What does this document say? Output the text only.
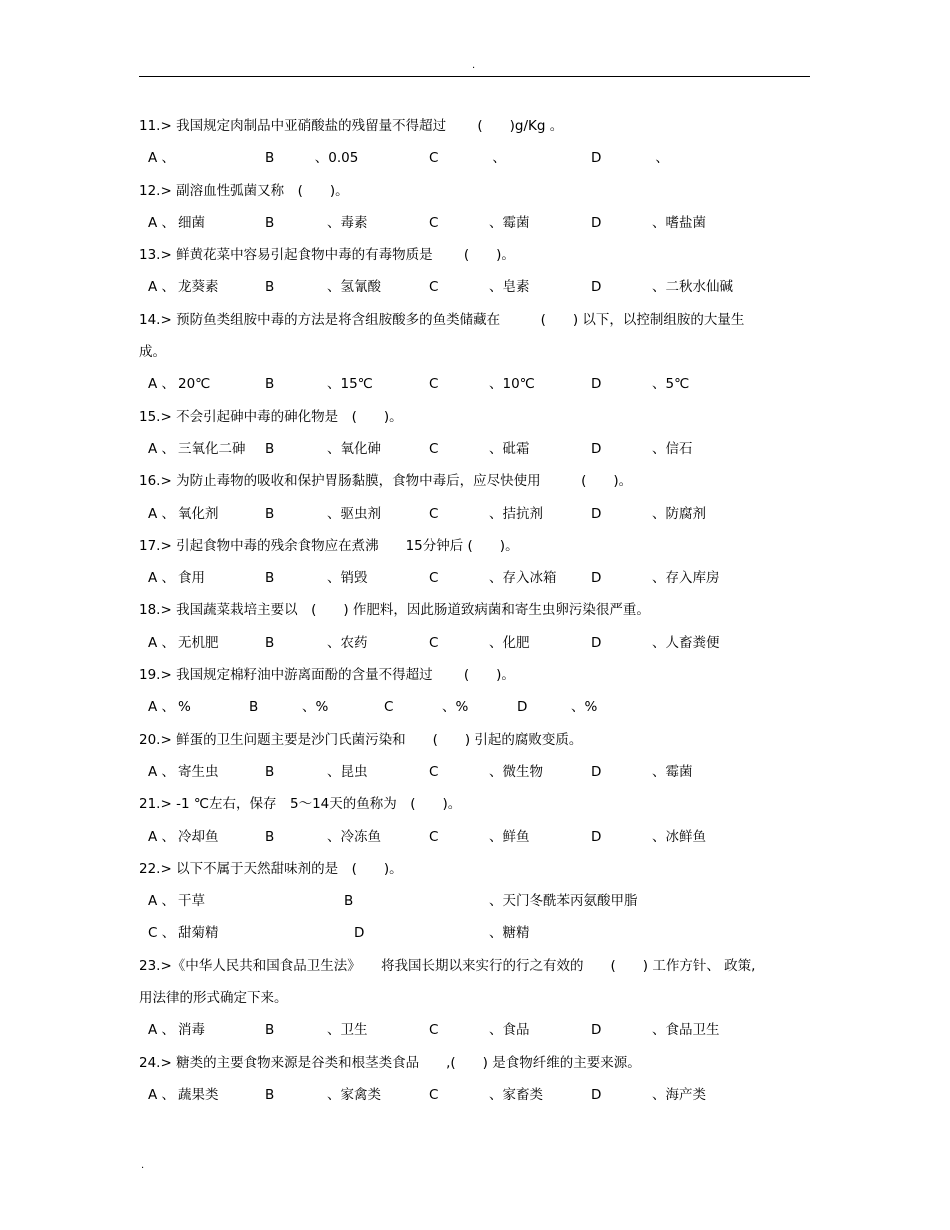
.
11.> 我国规定肉制品中亚硝酸盐的残留量不得超过　　 (　　)g/Kg 。
A 、	B　　　、0.05	C　　　　、	D　　　　、
12.> 副溶血性弧菌又称　(　　)。
A 、 细菌	B	、毒素	C	、霉菌	D	、嗜盐菌
13.> 鲜黄花菜中容易引起食物中毒的有毒物质是　　 (　　)。
A 、 龙葵素	B	、氢氰酸	C	、皂素	D	、二秋水仙碱
14.> 预防鱼类组胺中毒的方法是将含组胺酸多的鱼类储藏在　　　(　　) 以下，以控制组胺的大量生
成。
A 、 20℃	B	、15℃	C	、10℃	D	、5℃
15.> 不会引起砷中毒的砷化物是　(　　)。
A 、 三氧化二砷 B	、氧化砷	C	、砒霜	D	、信石
16.> 为防止毒物的吸收和保护胃肠黏膜，食物中毒后，应尽快使用　　　(　　)。
A 、 氧化剂	B	、驱虫剂	C	、拮抗剂	D	、防腐剂
17.> 引起食物中毒的残余食物应在煮沸　　15分钟后 (　　)。
A 、 食用	B	、销毁	C	、存入冰箱	D	、存入库房
18.> 我国蔬菜栽培主要以　(　　) 作肥料，因此肠道致病菌和寄生虫卵污染很严重。
A 、 无机肥	B	、农药	C	、化肥	D	、人畜粪便
19.> 我国规定棉籽油中游离面酚的含量不得超过　　 (　　)。
A 、 %	B	、%	C	、%	D	、%
20.> 鲜蛋的卫生问题主要是沙门氏菌污染和　　(　　) 引起的腐败变质。
A 、 寄生虫	B	、昆虫	C	、微生物	D	、霉菌
21.> -1 ℃左右，保存　5～14天的鱼称为　(　　)。
A 、 冷却鱼	B	、冷冻鱼	C	、鲜鱼	D	、冰鲜鱼
22.> 以下不属于天然甜味剂的是　(　　)。
A 、 干草	B	、天门冬酰苯丙氨酸甲脂
C 、 甜菊精	D	、糖精
23.>《中华人民共和国食品卫生法》　　将我国长期以来实行的行之有效的　　(　　) 工作方针、 政策,
用法律的形式确定下来。
A 、 消毒	B	、卫生	C	、食品	D	、食品卫生
24.> 糖类的主要食物来源是谷类和根茎类食品　　,(　　) 是食物纤维的主要来源。
A 、 蔬果类	B	、家禽类	C	、家畜类	D	、海产类
.
